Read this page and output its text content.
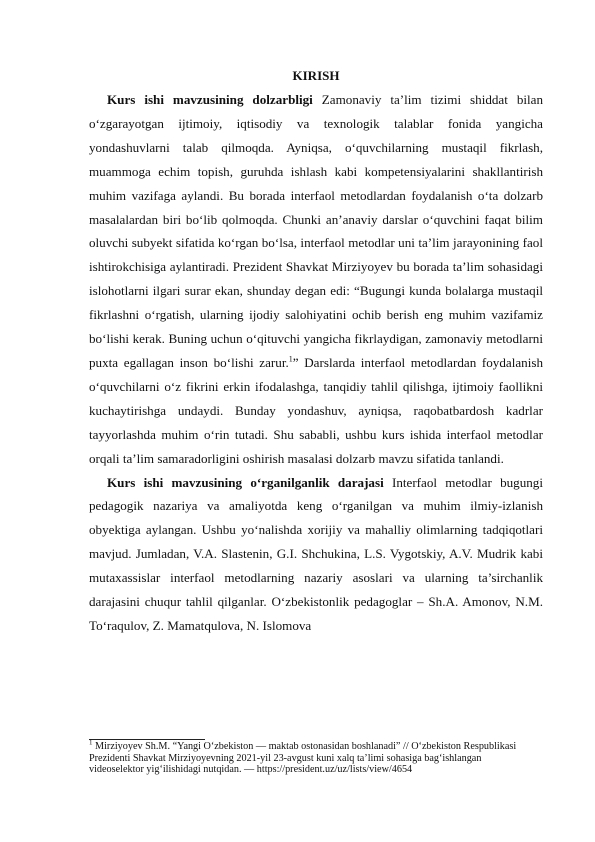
KIRISH

Kurs ishi mavzusining dolzarbligi Zamonaviy ta’lim tizimi shiddat bilan o‘zgarayotgan ijtimoiy, iqtisodiy va texnologik talablar fonida yangicha yondashuvlarni talab qilmoqda. Ayniqsa, o‘quvchilarning mustaqil fikrlash, muammoga echim topish, guruhda ishlash kabi kompetensiyalarini shakllantirish muhim vazifaga aylandi. Bu borada interfaol metodlardan foydalanish o‘ta dolzarb masalalardan biri bo‘lib qolmoqda. Chunki an’anaviy darslar o‘quvchini faqat bilim oluvchi subyekt sifatida ko‘rgan bo‘lsa, interfaol metodlar uni ta’lim jarayonining faol ishtirokchisiga aylantiradi. Prezident Shavkat Mirziyoyev bu borada ta’lim sohasidagi islohotlarni ilgari surar ekan, shunday degan edi: “Bugungi kunda bolalarga mustaqil fikrlashni o‘rgatish, ularning ijodiy salohiyatini ochib berish eng muhim vazifamiz bo‘lishi kerak. Buning uchun o‘qituvchi yangicha fikrlaydigan, zamonaviy metodlarni puxta egallagan inson bo‘lishi zarur.$^1$” Darslarda interfaol metodlardan foydalanish o‘quvchilarni o‘z fikrini erkin ifodalashga, tanqidiy tahlil qilishga, ijtimoiy faollikni kuchaytirishga undaydi. Bunday yondashuv, ayniqsa, raqobatbardosh kadrlar tayyorlashda muhim o‘rin tutadi. Shu sababli, ushbu kurs ishida interfaol metodlar orqali ta’lim samaradorligini oshirish masalasi dolzarb mavzu sifatida tanlandi.

Kurs ishi mavzusining o‘rganilganlik darajasi Interfaol metodlar bugungi pedagogik nazariya va amaliyotda keng o‘rganilgan va muhim ilmiy-izlanish obyektiga aylangan. Ushbu yo‘nalishda xorijiy va mahalliy olimlarning tadqiqotlari mavjud. Jumladan, V.A. Slastenin, G.I. Shchukina, L.S. Vygotskiy, A.V. Mudrik kabi mutaxassislar interfaol metodlarning nazariy asoslari va ularning ta’sirchanlik darajasini chuqur tahlil qilganlar. O‘zbekistonlik pedagoglar – Sh.A. Amonov, N.M. To‘raqulov, Z. Mamatqulova, N. Islomova

$^1$ Mirziyoyev Sh.M. “Yangi O‘zbekiston — maktab ostonasidan boshlanadi” // O‘zbekiston Respublikasi Prezidenti Shavkat Mirziyoyevning 2021-yil 23-avgust kuni xalq ta’limi sohasiga bag‘ishlangan videoselektor yig‘ilishidagi nutqidan. — https://president.uz/uz/lists/view/4654
